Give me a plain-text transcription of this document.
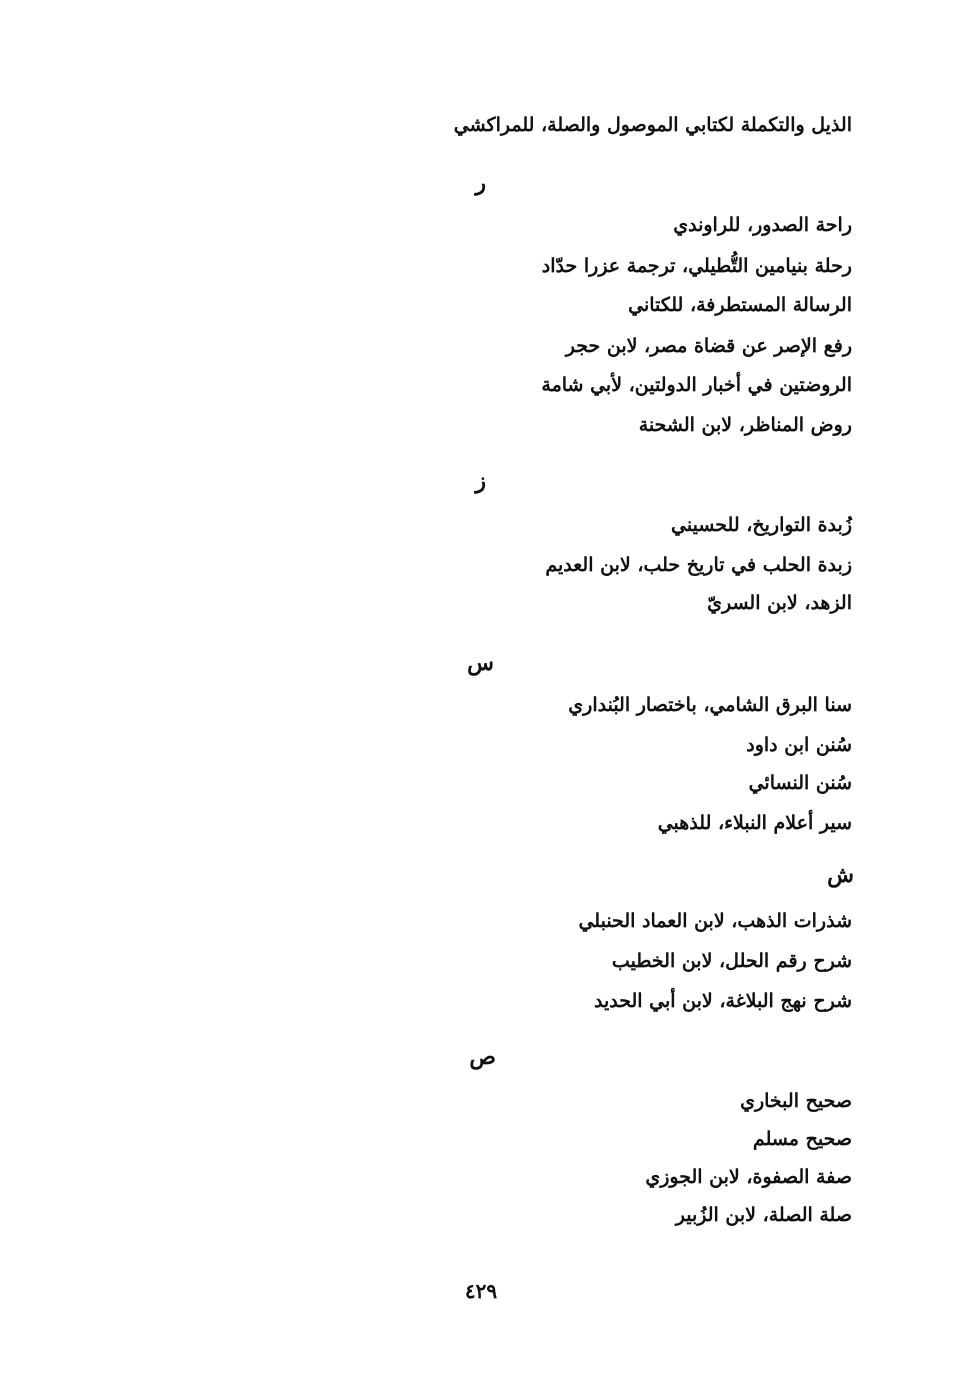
الذيل والتكملة لكتابي الموصول والصلة، للمراكشي
ر
راحة الصدور، للراوندي
رحلة بنيامين التُّطيلي، ترجمة عزرا حدّاد
الرسالة المستطرفة، للكتاني
رفع الإصر عن قضاة مصر، لابن حجر
الروضتين في أخبار الدولتين، لأبي شامة
روض المناظر، لابن الشحنة
ز
زُبدة التواريخ، للحسيني
زبدة الحلب في تاريخ حلب، لابن العديم
الزهد، لابن السريّ
س
سنا البرق الشامي، باختصار البُنداري
سُنن ابن داود
سُنن النسائي
سير أعلام النبلاء، للذهبي
ش
شذرات الذهب، لابن العماد الحنبلي
شرح رقم الحلل، لابن الخطيب
شرح نهج البلاغة، لابن أبي الحديد
ص
صحيح البخاري
صحيح مسلم
صفة الصفوة، لابن الجوزي
صلة الصلة، لابن الزُبير
٤٢٩
